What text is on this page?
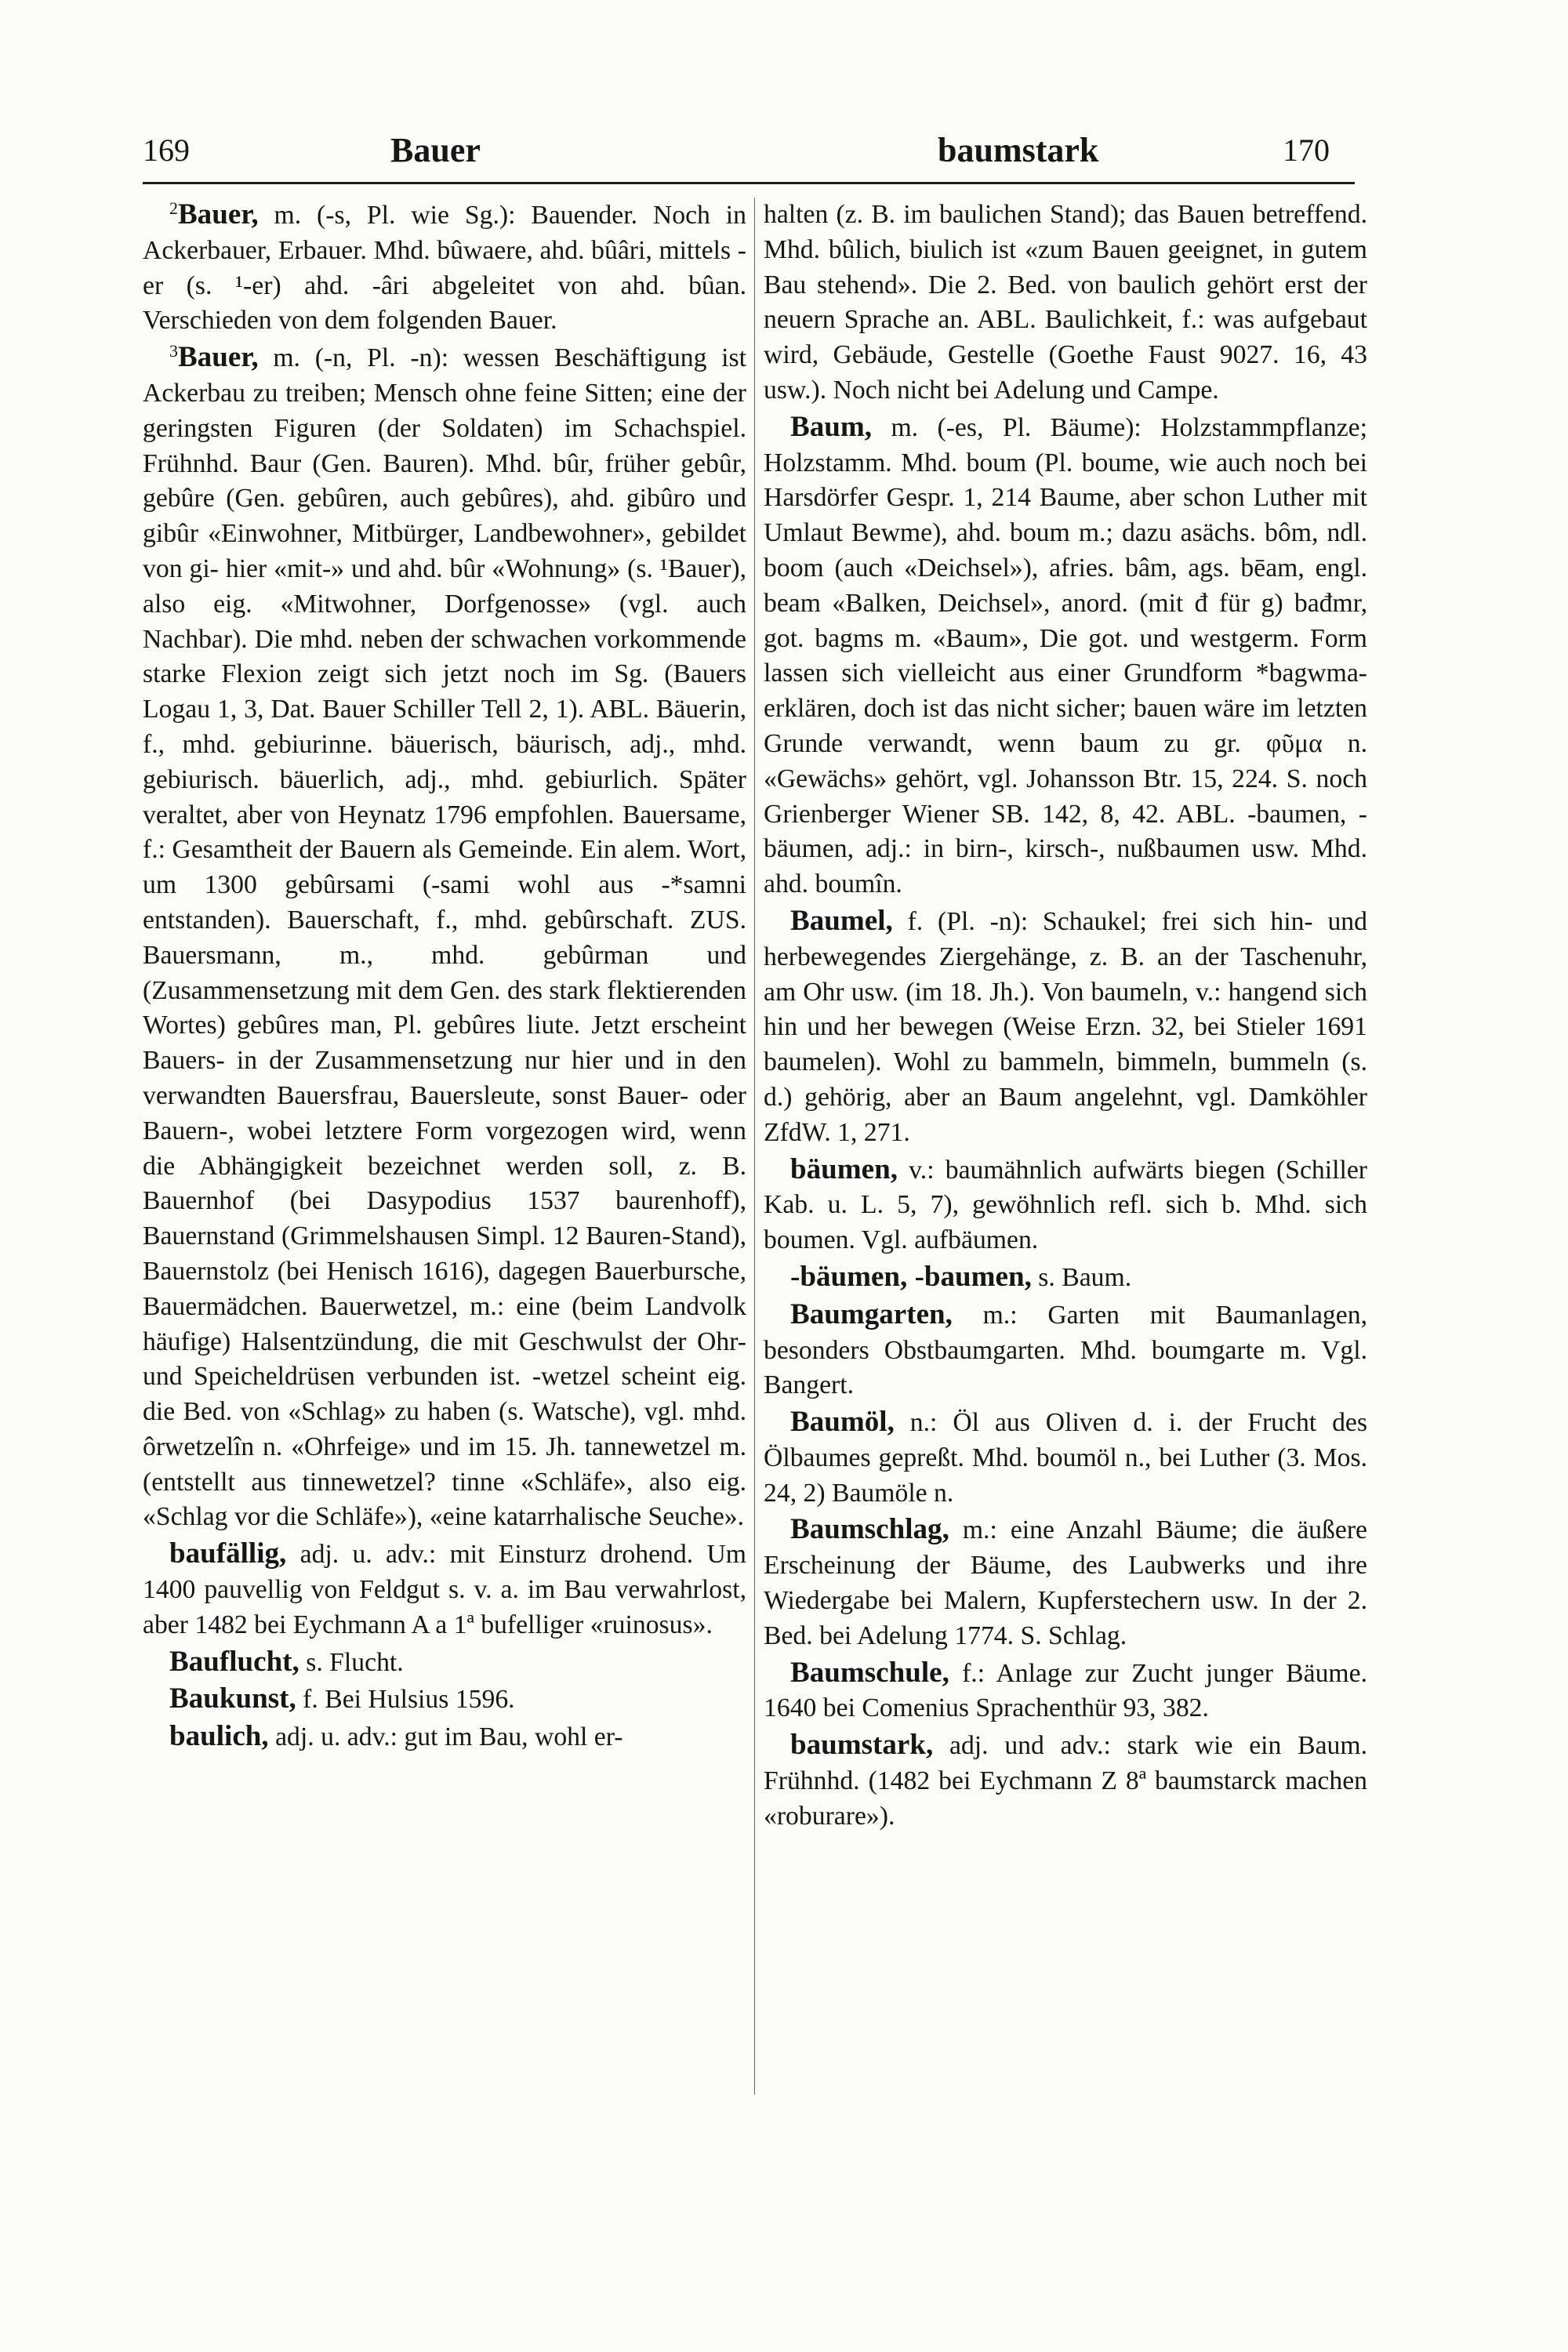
169	Bauer	baumstark	170

$^2$Bauer, m. (-s, Pl. wie Sg.): Bauender. Noch in Ackerbauer, Erbauer. Mhd. bûwaere, ahd. bûâri, mittels -er (s. ¹-er) ahd. -âri abgeleitet von ahd. bûan. Verschieden von dem folgenden Bauer.

$^3$Bauer, m. (-n, Pl. -n): wessen Beschäftigung ist Ackerbau zu treiben; Mensch ohne feine Sitten; eine der geringsten Figuren (der Soldaten) im Schachspiel. Frühnhd. Baur (Gen. Bauren). Mhd. bûr, früher gebûr, gebûre (Gen. gebûren, auch gebûres), ahd. gibûro und gibûr «Einwohner, Mitbürger, Landbewohner», gebildet von gi- hier «mit-» und ahd. bûr «Wohnung» (s. ¹Bauer), also eig. «Mitwohner, Dorfgenosse» (vgl. auch Nachbar). Die mhd. neben der schwachen vorkommende starke Flexion zeigt sich jetzt noch im Sg. (Bauers Logau 1, 3, Dat. Bauer Schiller Tell 2, 1). ABL. Bäuerin, f., mhd. gebiurinne. bäuerisch, bäurisch, adj., mhd. gebiurisch. bäuerlich, adj., mhd. gebiurlich. Später veraltet, aber von Heynatz 1796 empfohlen. Bauersame, f.: Gesamtheit der Bauern als Gemeinde. Ein alem. Wort, um 1300 gebûrsami (-sami wohl aus -*samni entstanden). Bauerschaft, f., mhd. gebûrschaft. ZUS. Bauersmann, m., mhd. gebûrman und (Zusammensetzung mit dem Gen. des stark flektierenden Wortes) gebûres man, Pl. gebûres liute. Jetzt erscheint Bauers- in der Zusammensetzung nur hier und in den verwandten Bauersfrau, Bauersleute, sonst Bauer- oder Bauern-, wobei letztere Form vorgezogen wird, wenn die Abhängigkeit bezeichnet werden soll, z. B. Bauernhof (bei Dasypodius 1537 baurenhoff), Bauernstand (Grimmelshausen Simpl. 12 Bauren-Stand), Bauernstolz (bei Henisch 1616), dagegen Bauerbursche, Bauermädchen. Bauerwetzel, m.: eine (beim Landvolk häufige) Halsentzündung, die mit Geschwulst der Ohr- und Speicheldrüsen verbunden ist. -wetzel scheint eig. die Bed. von «Schlag» zu haben (s. Watsche), vgl. mhd. ôrwetzelîn n. «Ohrfeige» und im 15. Jh. tannewetzel m. (entstellt aus tinnewetzel? tinne «Schläfe», also eig. «Schlag vor die Schläfe»), «eine katarrhalische Seuche».

baufällig, adj. u. adv.: mit Einsturz drohend. Um 1400 pauvellig von Feldgut s. v. a. im Bau verwahrlost, aber 1482 bei Eychmann A a 1ª bufelliger «ruinosus».

Bauflucht, s. Flucht.

Baukunst, f. Bei Hulsius 1596.

baulich, adj. u. adv.: gut im Bau, wohl er-

halten (z. B. im baulichen Stand); das Bauen betreffend. Mhd. bûlich, biulich ist «zum Bauen geeignet, in gutem Bau stehend». Die 2. Bed. von baulich gehört erst der neuern Sprache an. ABL. Baulichkeit, f.: was aufgebaut wird, Gebäude, Gestelle (Goethe Faust 9027. 16, 43 usw.). Noch nicht bei Adelung und Campe.

Baum, m. (-es, Pl. Bäume): Holzstammpflanze; Holzstamm. Mhd. boum (Pl. boume, wie auch noch bei Harsdörfer Gespr. 1, 214 Baume, aber schon Luther mit Umlaut Bewme), ahd. boum m.; dazu asächs. bôm, ndl. boom (auch «Deichsel»), afries. bâm, ags. bēam, engl. beam «Balken, Deichsel», anord. (mit đ für g) bađmr, got. bagms m. «Baum», Die got. und westgerm. Form lassen sich vielleicht aus einer Grundform *bagwma- erklären, doch ist das nicht sicher; bauen wäre im letzten Grunde verwandt, wenn baum zu gr. φῦμα n. «Gewächs» gehört, vgl. Johansson Btr. 15, 224. S. noch Grienberger Wiener SB. 142, 8, 42. ABL. -baumen, -bäumen, adj.: in birn-, kirsch-, nußbaumen usw. Mhd. ahd. boumîn.

Baumel, f. (Pl. -n): Schaukel; frei sich hin- und herbewegendes Ziergehänge, z. B. an der Taschenuhr, am Ohr usw. (im 18. Jh.). Von baumeln, v.: hangend sich hin und her bewegen (Weise Erzn. 32, bei Stieler 1691 baumelen). Wohl zu bammeln, bimmeln, bummeln (s. d.) gehörig, aber an Baum angelehnt, vgl. Damköhler ZfdW. 1, 271.

bäumen, v.: baumähnlich aufwärts biegen (Schiller Kab. u. L. 5, 7), gewöhnlich refl. sich b. Mhd. sich boumen. Vgl. aufbäumen.

-bäumen, -baumen, s. Baum.

Baumgarten, m.: Garten mit Baumanlagen, besonders Obstbaumgarten. Mhd. boumgarte m. Vgl. Bangert.

Baumöl, n.: Öl aus Oliven d. i. der Frucht des Ölbaumes gepreßt. Mhd. boumöl n., bei Luther (3. Mos. 24, 2) Baumöle n.

Baumschlag, m.: eine Anzahl Bäume; die äußere Erscheinung der Bäume, des Laubwerks und ihre Wiedergabe bei Malern, Kupferstechern usw. In der 2. Bed. bei Adelung 1774. S. Schlag.

Baumschule, f.: Anlage zur Zucht junger Bäume. 1640 bei Comenius Sprachenthür 93, 382.

baumstark, adj. und adv.: stark wie ein Baum. Frühnhd. (1482 bei Eychmann Z 8ª baumstarck machen «roburare»).
